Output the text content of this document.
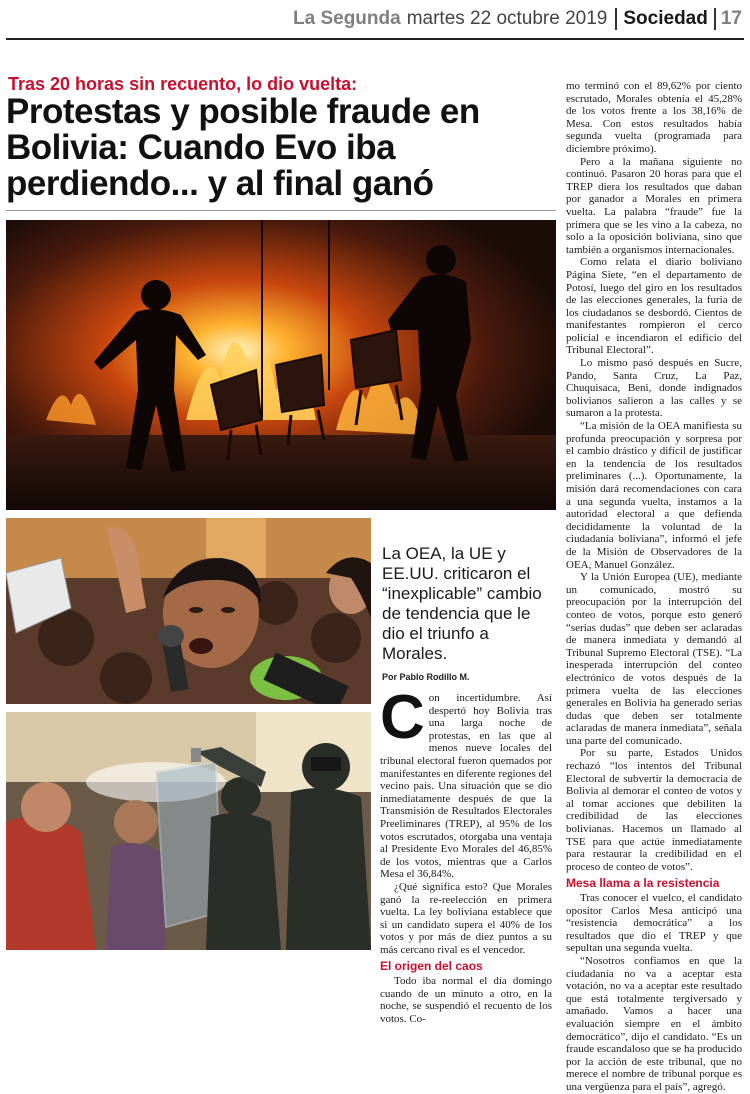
La Segunda martes 22 octubre 2019 Sociedad 17
Tras 20 horas sin recuento, lo dio vuelta:
Protestas y posible fraude en Bolivia: Cuando Evo iba perdiendo... y al final ganó
La OEA, la UE y EE.UU. criticaron el “inexplicable” cambio de tendencia que le dio el triunfo a Morales.
Por Pablo Rodillo M.

Con incertidumbre. Así despertó hoy Bolivia tras una larga noche de protestas, en las que al menos nueve locales del tribunal electoral fueron quemados por manifestantes en diferente regiones del vecino país. Una situación que se dio inmediatamente después de que la Transmisión de Resultados Electorales Preeliminares (TREP), al 95% de los votos escrutados, otorgaba una ventaja al Presidente Evo Morales del 46,85% de los votos, mientras que a Carlos Mesa el 36,84%.

¿Qué significa esto? Que Morales ganó la re-reelección en primera vuelta. La ley boliviana establece que si un candidato supera el 40% de los votos y por más de diez puntos a su más cercano rival es el vencedor.

El origen del caos

Todo iba normal el día domingo cuando de un minuto a otro, en la noche, se suspendió el recuento de los votos. Co-

mo terminó con el 89,62% por ciento escrutado, Morales obtenía el 45,28% de los votos frente a los 38,16% de Mesa. Con estos resultados había segunda vuelta (programada para diciembre próximo).

Pero a la mañana siguiente no continuó. Pasaron 20 horas para que el TREP diera los resultados que daban por ganador a Morales en primera vuelta. La palabra “fraude” fue la primera que se les vino a la cabeza, no solo a la oposición boliviana, sino que también a organismos internacionales.

Como relata el diario boliviano Página Siete, “en el departamento de Potosí, luego del giro en los resultados de las elecciones generales, la furia de los ciudadanos se desbordó. Cientos de manifestantes rompieron el cerco policial e incendiaron el edificio del Tribunal Electoral”.

Lo mismo pasó después en Sucre, Pando, Santa Cruz, La Paz, Chuquisaca, Beni, donde indignados bolivianos salieron a las calles y se sumaron a la protesta.

“La misión de la OEA manifiesta su profunda preocupación y sorpresa por el cambio drástico y difícil de justificar en la tendencia de los resultados preliminares (...). Oportunamente, la misión dará recomendaciones con cara a una segunda vuelta, instamos a la autoridad electoral a que defienda decididamente la voluntad de la ciudadanía boliviana”, informó el jefe de la Misión de Observadores de la OEA, Manuel González.

Y la Unión Europea (UE), mediante un comunicado, mostró su preocupación por la interrupción del conteo de votos, porque esto generó “serias dudas” que deben ser aclaradas de manera inmediata y demandó al Tribunal Supremo Electoral (TSE). “La inesperada interrupción del conteo electrónico de votos después de la primera vuelta de las elecciones generales en Bolivia ha generado serias dudas que deben ser totalmente aclaradas de manera inmediata”, señala una parte del comunicado.

Por su parte, Estados Unidos rechazó “los intentos del Tribunal Electoral de subvertir la democracia de Bolivia al demorar el conteo de votos y al tomar acciones que debiliten la credibilidad de las elecciones bolivianas. Hacemos un llamado al TSE para que actúe inmediatamente para restaurar la credibilidad en el proceso de conteo de votos”.

Mesa llama a la resistencia

Tras conocer el vuelco, el candidato opositor Carlos Mesa anticipó una “resistencia democrática” a los resultados que dio el TREP y que sepultan una segunda vuelta.

“Nosotros confiamos en que la ciudadanía no va a aceptar esta votación, no va a aceptar este resultado que está totalmente tergiversado y amañado. Vamos a hacer una evaluación siempre en el ámbito democrático”, dijo el candidato. “Es un fraude escandaloso que se ha producido por la acción de este tribunal, que no merece el nombre de tribunal porque es una vergüenza para el país”, agregó.
